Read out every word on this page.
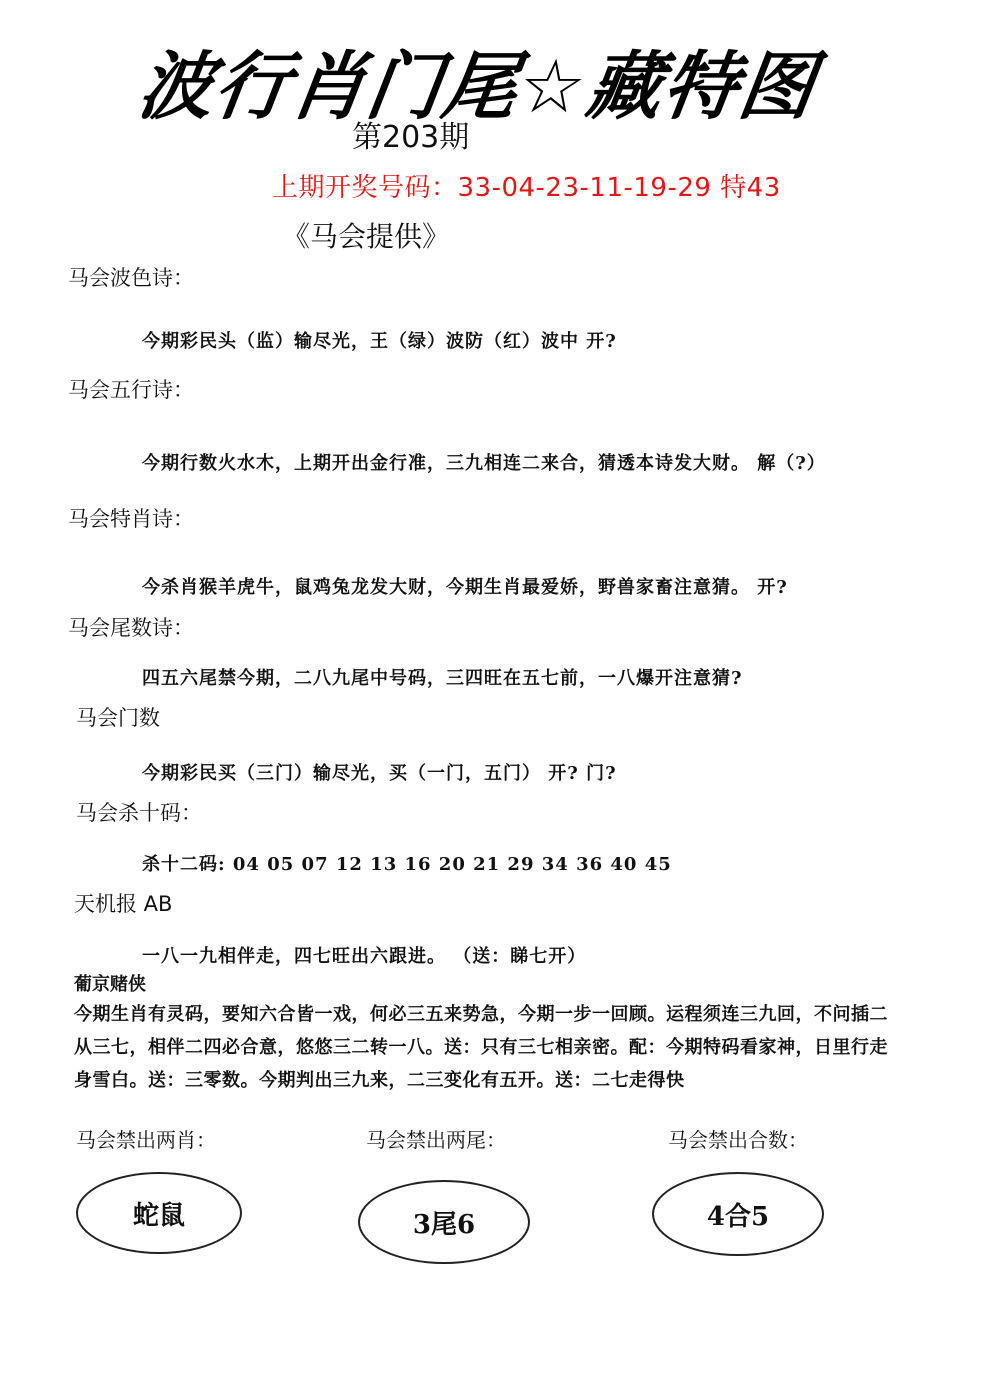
波行肖门尾☆藏特图
第203期
上期开奖号码：33-04-23-11-19-29 特43
《马会提供》
马会波色诗：
今期彩民头（监）输尽光，王（绿）波防（红）波中 开?
马会五行诗：
今期行数火水木，上期开出金行准，三九相连二来合，猜透本诗发大财。 解（?）
马会特肖诗：
今杀肖猴羊虎牛，鼠鸡兔龙发大财，今期生肖最爱娇，野兽家畜注意猜。 开?
马会尾数诗：
四五六尾禁今期，二八九尾中号码，三四旺在五七前，一八爆开注意猜?
马会门数
今期彩民买（三门）输尽光，买（一门，五门） 开? 门?
马会杀十码：
杀十二码: 04 05 07 12 13 16 20 21 29 34 36 40 45
天机报 AB
一八一九相伴走，四七旺出六跟进。 （送：睇七开）
葡京赌侠
今期生肖有灵码，要知六合皆一戏，何必三五来势急，今期一步一回顾。运程须连三九回，不问插二从三七，相伴二四必合意，悠悠三二转一八。送：只有三七相亲密。配：今期特码看家神，日里行走身雪白。送：三零数。今期判出三九来，二三变化有五开。送：二七走得快
马会禁出两肖：	马会禁出两尾：	马会禁出合数：
蛇鼠	3尾6	4合5
